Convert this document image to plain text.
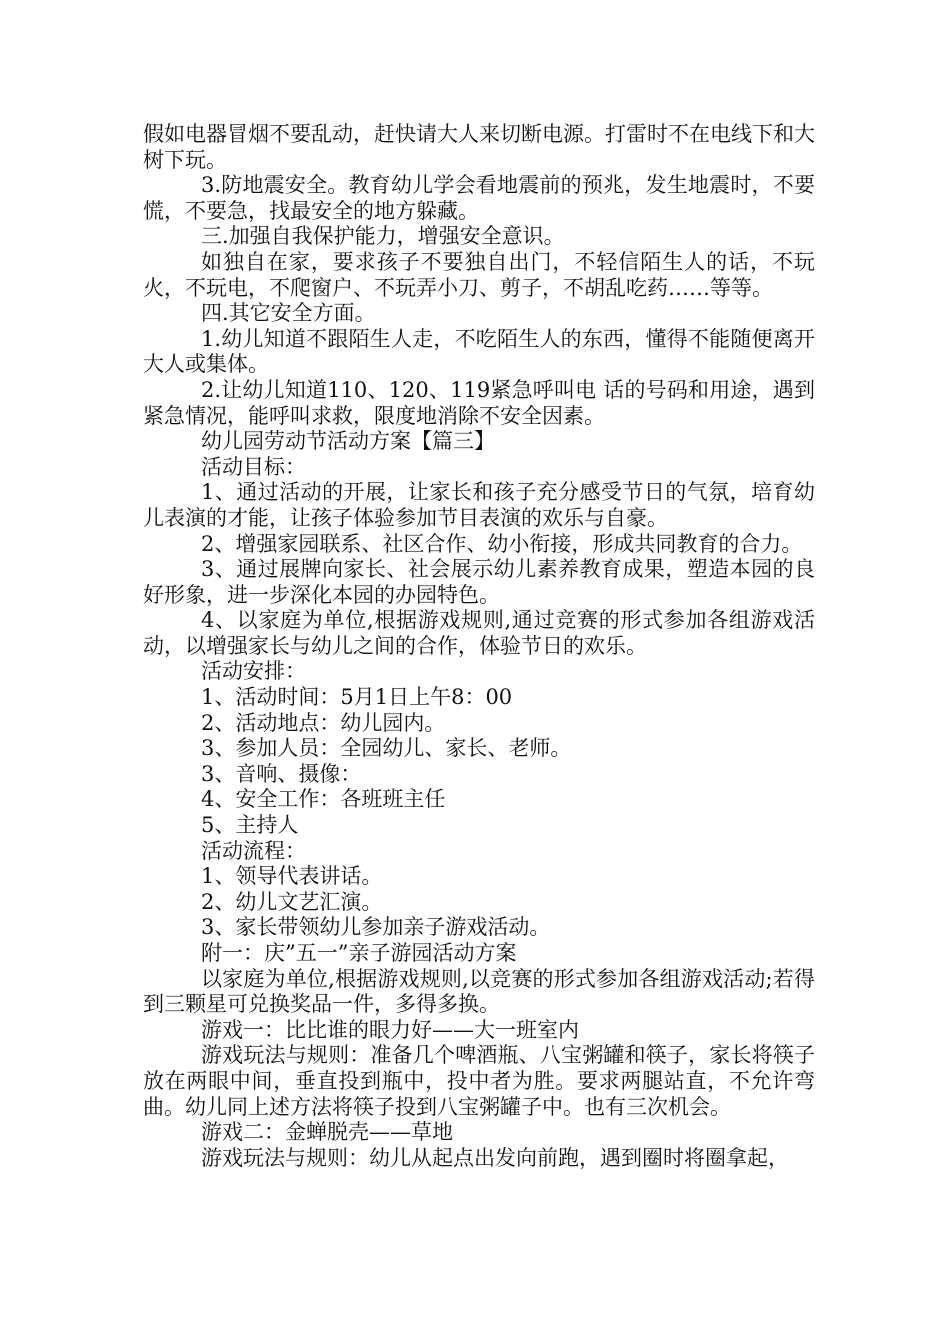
假如电器冒烟不要乱动，赶快请大人来切断电源。打雷时不在电线下和大树下玩。

3.防地震安全。教育幼儿学会看地震前的预兆，发生地震时，不要慌，不要急，找最安全的地方躲藏。

三.加强自我保护能力，增强安全意识。

如独自在家，要求孩子不要独自出门，不轻信陌生人的话，不玩火，不玩电，不爬窗户、不玩弄小刀、剪子，不胡乱吃药……等等。

四.其它安全方面。

1.幼儿知道不跟陌生人走，不吃陌生人的东西，懂得不能随便离开大人或集体。

2.让幼儿知道110、120、119紧急呼叫电 话的号码和用途，遇到紧急情况，能呼叫求救，限度地消除不安全因素。

幼儿园劳动节活动方案【篇三】

活动目标：

1、通过活动的开展，让家长和孩子充分感受节日的气氛，培育幼儿表演的才能，让孩子体验参加节目表演的欢乐与自豪。

2、增强家园联系、社区合作、幼小衔接，形成共同教育的合力。

3、通过展牌向家长、社会展示幼儿素养教育成果，塑造本园的良好形象，进一步深化本园的办园特色。

4、以家庭为单位,根据游戏规则,通过竞赛的形式参加各组游戏活动，以增强家长与幼儿之间的合作，体验节日的欢乐。

活动安排：

1、活动时间：5月1日上午8：00

2、活动地点：幼儿园内。

3、参加人员：全园幼儿、家长、老师。

3、音响、摄像：

4、安全工作：各班班主任

5、主持人

活动流程：

1、领导代表讲话。

2、幼儿文艺汇演。

3、家长带领幼儿参加亲子游戏活动。

附一：庆”五一”亲子游园活动方案

以家庭为单位,根据游戏规则,以竞赛的形式参加各组游戏活动;若得到三颗星可兑换奖品一件，多得多换。

游戏一：比比谁的眼力好——大一班室内

游戏玩法与规则：准备几个啤酒瓶、八宝粥罐和筷子，家长将筷子放在两眼中间，垂直投到瓶中，投中者为胜。要求两腿站直，不允许弯曲。幼儿同上述方法将筷子投到八宝粥罐子中。也有三次机会。

游戏二：金蝉脱壳——草地

游戏玩法与规则：幼儿从起点出发向前跑，遇到圈时将圈拿起，
